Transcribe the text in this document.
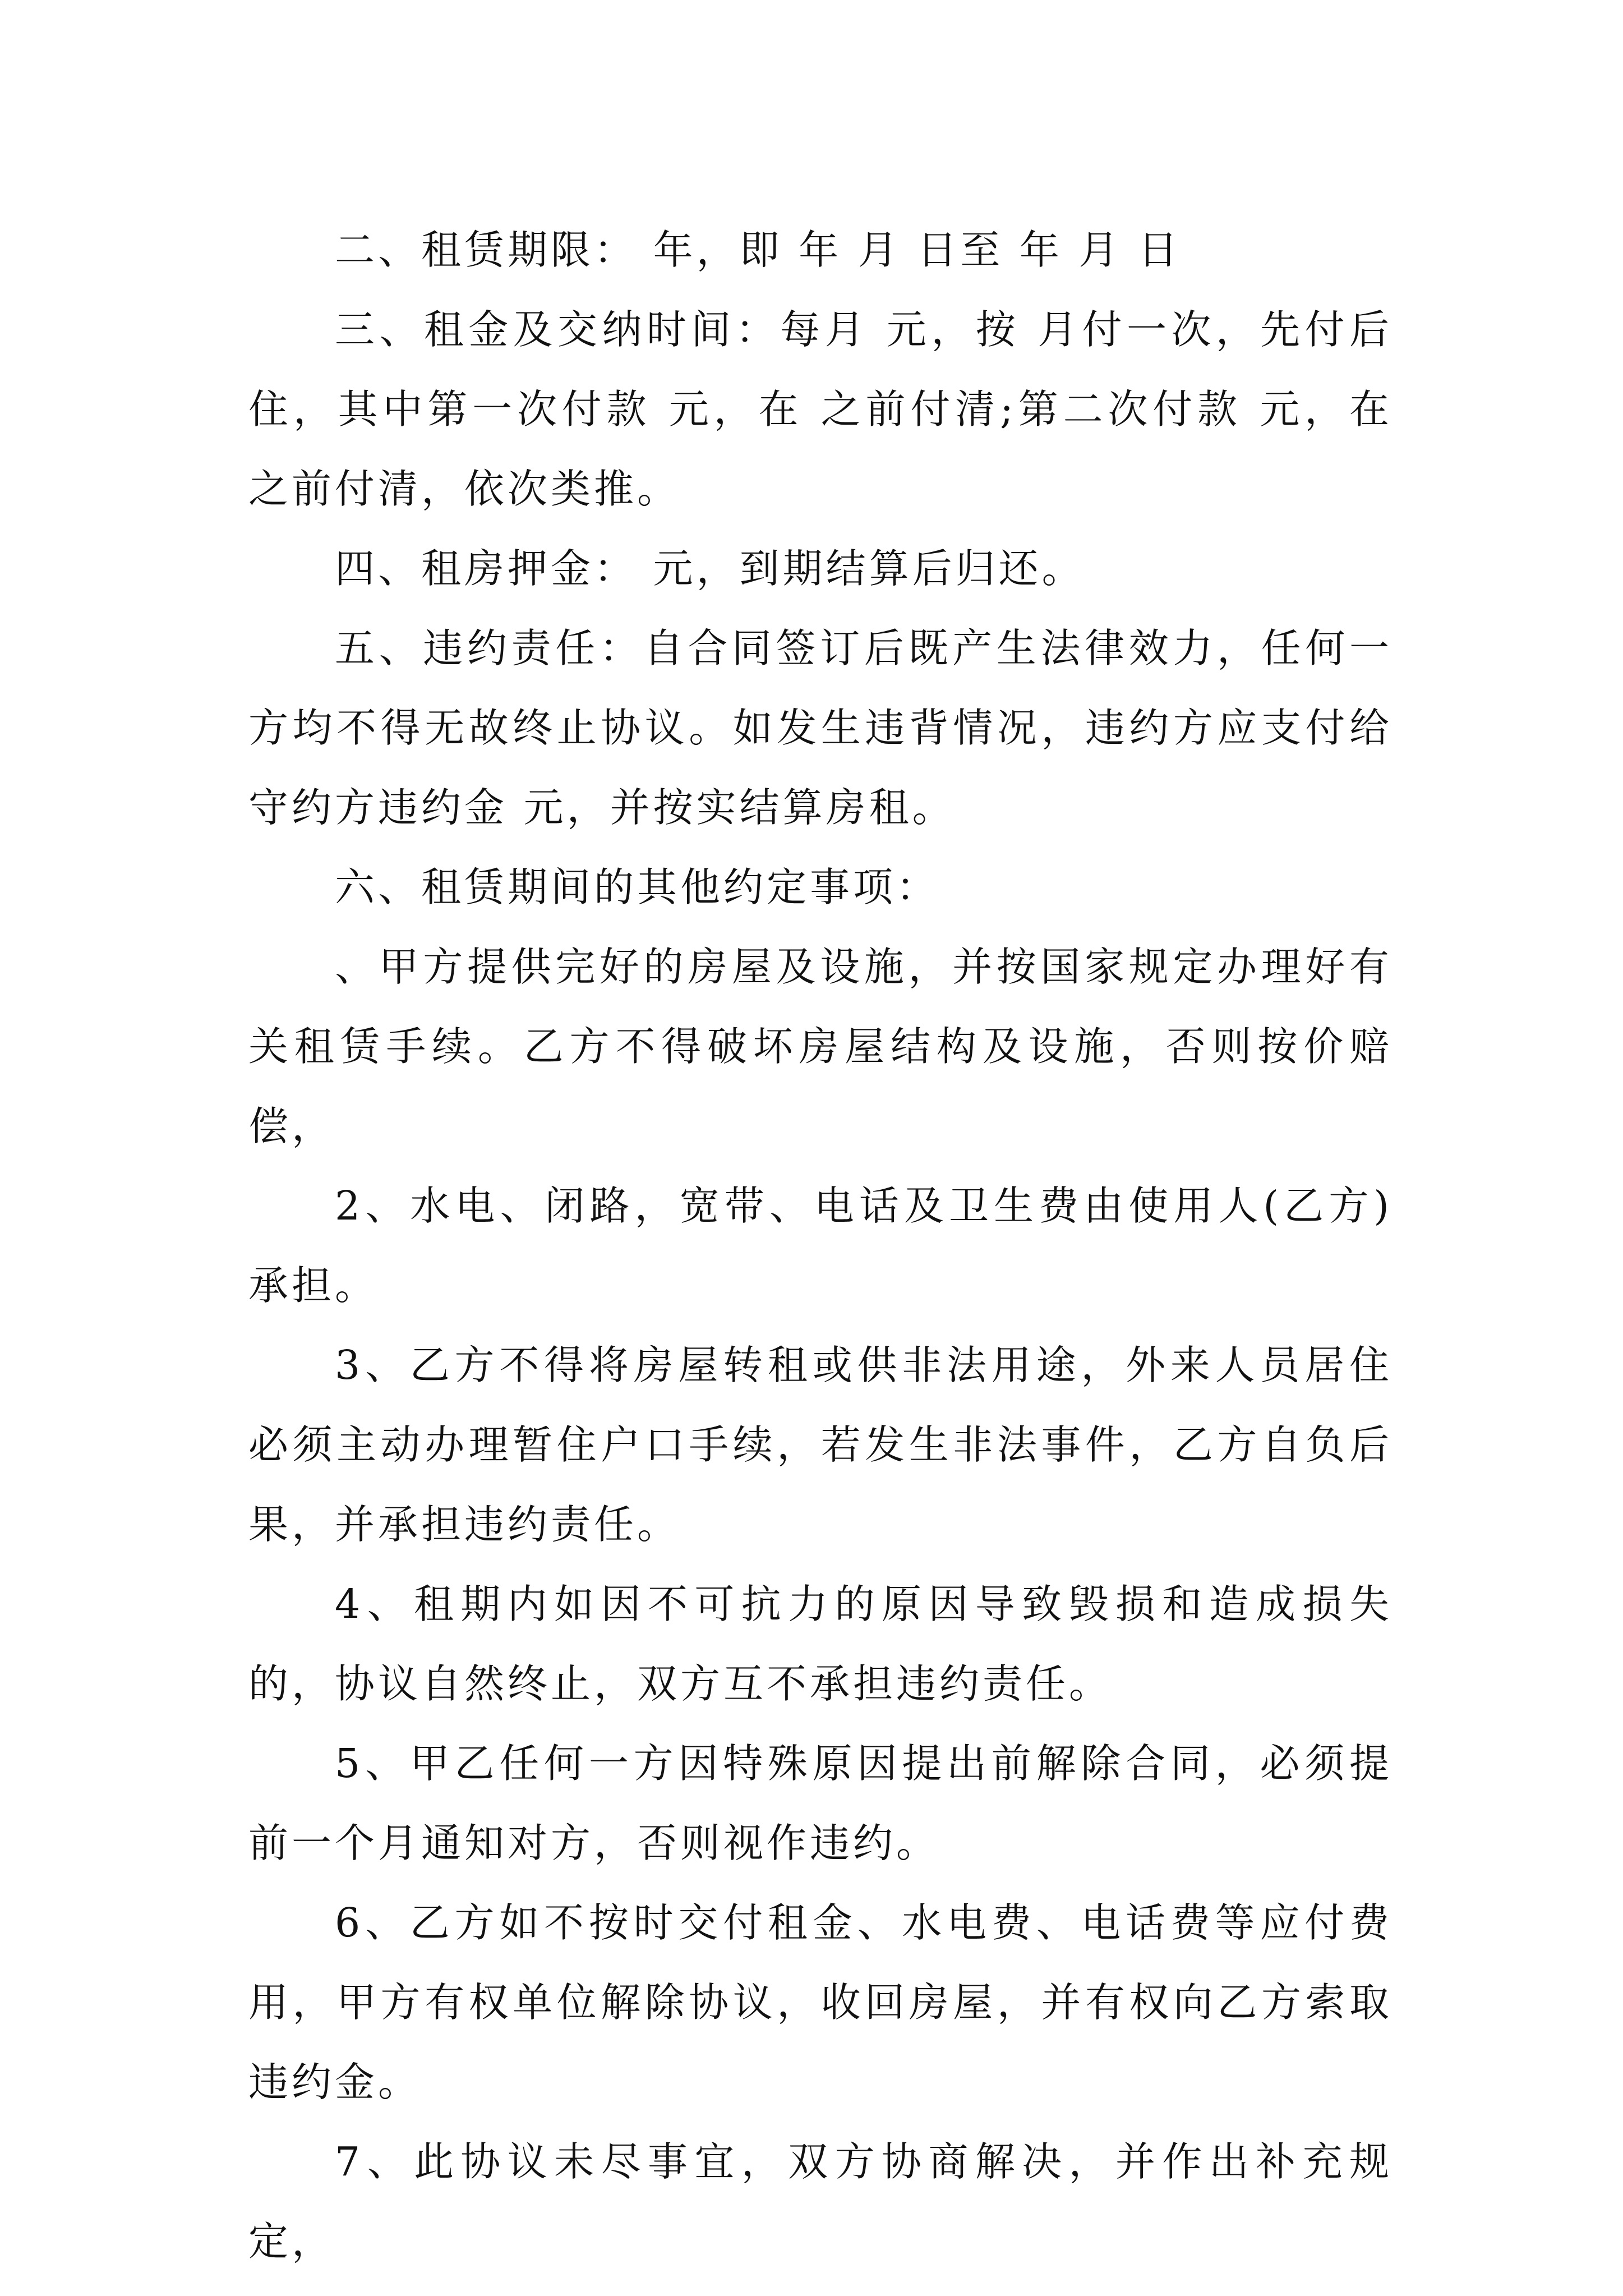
二、租赁期限： 年，即 年 月 日至 年 月 日

三、租金及交纳时间：每月 元，按 月付一次，先付后住，其中第一次付款 元，在 之前付清;第二次付款 元，在 之前付清，依次类推。

四、租房押金： 元，到期结算后归还。

五、违约责任：自合同签订后既产生法律效力，任何一方均不得无故终止协议。如发生违背情况，违约方应支付给守约方违约金 元，并按实结算房租。

六、租赁期间的其他约定事项：

、甲方提供完好的房屋及设施，并按国家规定办理好有关租赁手续。乙方不得破坏房屋结构及设施，否则按价赔偿，

2、水电、闭路，宽带、电话及卫生费由使用人(乙方)承担。

3、乙方不得将房屋转租或供非法用途，外来人员居住必须主动办理暂住户口手续，若发生非法事件，乙方自负后果，并承担违约责任。

4、租期内如因不可抗力的原因导致毁损和造成损失的，协议自然终止，双方互不承担违约责任。

5、甲乙任何一方因特殊原因提出前解除合同，必须提前一个月通知对方，否则视作违约。

6、乙方如不按时交付租金、水电费、电话费等应付费用，甲方有权单位解除协议，收回房屋，并有权向乙方索取违约金。

7、此协议未尽事宜，双方协商解决，并作出补充规定，
